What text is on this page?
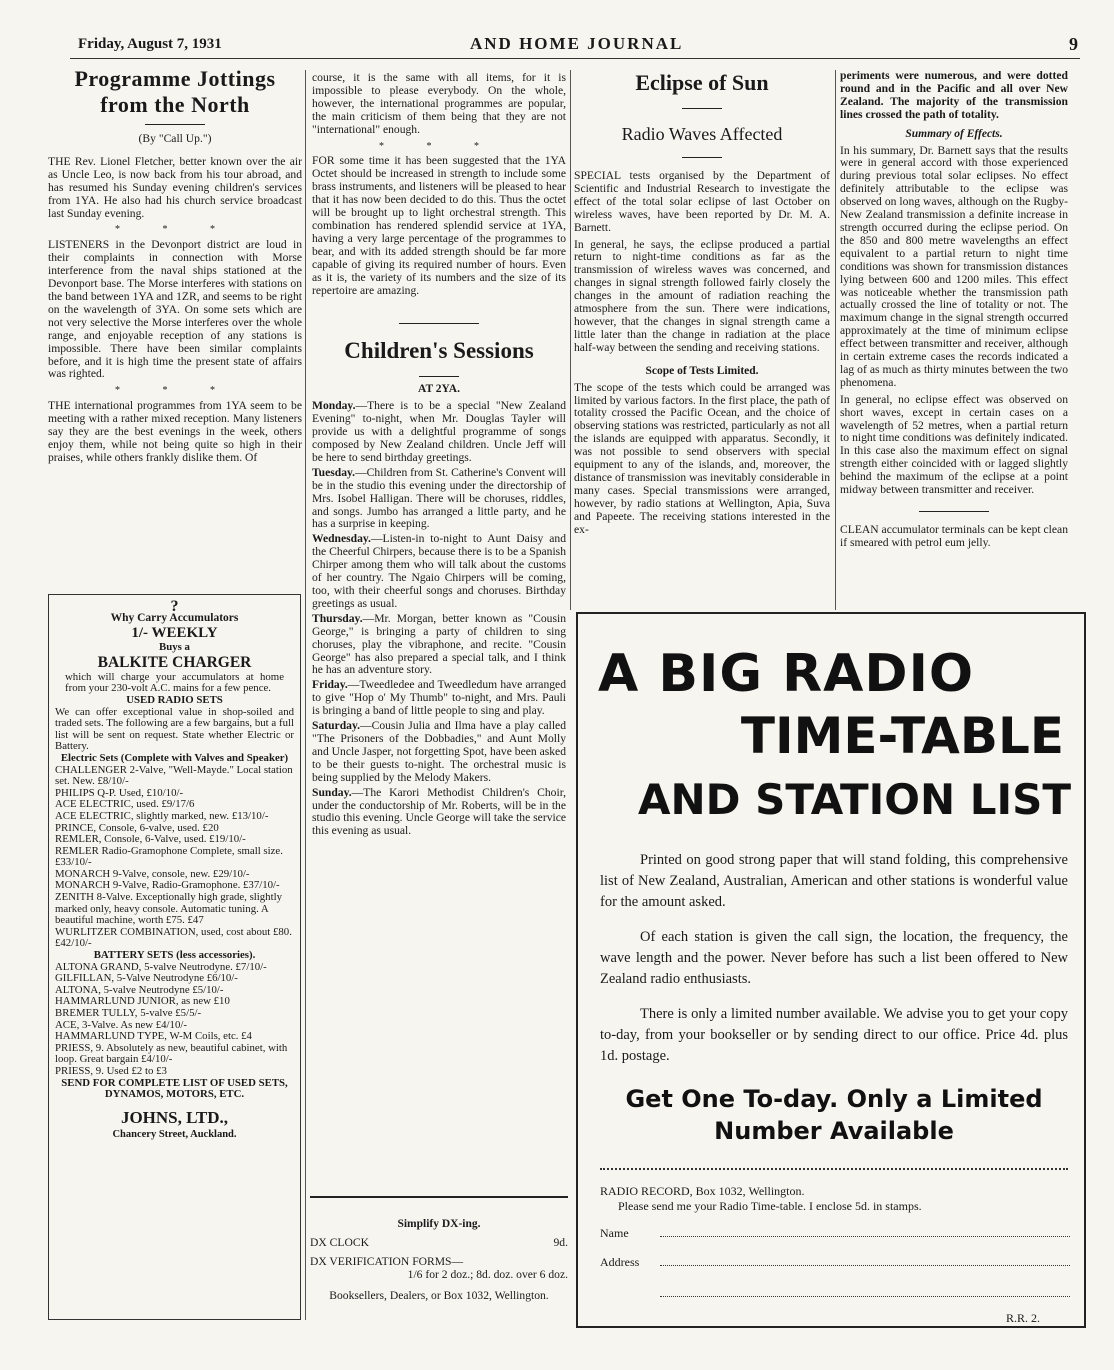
Friday, August 7, 1931	AND HOME JOURNAL	9
Programme Jottings from the North
(By "Call Up.")

THE Rev. Lionel Fletcher, better known over the air as Uncle Leo, is now back from his tour abroad, and has resumed his Sunday evening children's services from 1YA. He also had his church service broadcast last Sunday evening.

* * *

LISTENERS in the Devonport district are loud in their complaints in connection with Morse interference from the naval ships stationed at the Devonport base. The Morse interferes with stations on the band between 1YA and 1ZR, and seems to be right on the wavelength of 3YA. On some sets which are not very selective the Morse interferes over the whole range, and enjoyable reception of any stations is impossible. There have been similar complaints before, and it is high time the present state of affairs was righted.

* * *

THE international programmes from 1YA seem to be meeting with a rather mixed reception. Many listeners say they are the best evenings in the week, others enjoy them, while not being quite so high in their praises, while others frankly dislike them. Of

?
Why Carry Accumulators
1/- WEEKLY
Buys a
BALKITE CHARGER
which will charge your accumulators at home from your 230-volt A.C. mains for a few pence.
USED RADIO SETS
We can offer exceptional value in shop-soiled and traded sets. The following are a few bargains, but a full list will be sent on request. State whether Electric or Battery.
Electric Sets (Complete with Valves and Speaker)
CHALLENGER 2-Valve, "Well-Mayde." Local station set. New. £8/10/-
PHILIPS Q-P. Used, £10/10/-
ACE ELECTRIC, used. £9/17/6
ACE ELECTRIC, slightly marked, new. £13/10/-
PRINCE, Console, 6-valve, used. £20
REMLER, Console, 6-Valve, used. £19/10/-
REMLER Radio-Gramophone Complete, small size. £33/10/-
MONARCH 9-Valve, console, new. £29/10/-
MONARCH 9-Valve, Radio-Gramophone. £37/10/-
ZENITH 8-Valve. Exceptionally high grade, slightly marked only, heavy console. Automatic tuning. A beautiful machine, worth £75. £47
WURLITZER COMBINATION, used, cost about £80. £42/10/-
BATTERY SETS (less accessories).
ALTONA GRAND, 5-valve Neutrodyne. £7/10/-
GILFILLAN, 5-Valve Neutrodyne £6/10/-
ALTONA, 5-valve Neutrodyne £5/10/-
HAMMARLUND JUNIOR, as new £10
BREMER TULLY, 5-valve £5/5/-
ACE, 3-Valve. As new £4/10/-
HAMMARLUND TYPE, W-M Coils, etc. £4
PRIESS, 9. Absolutely as new, beautiful cabinet, with loop. Great bargain £4/10/-
PRIESS, 9. Used £2 to £3
SEND FOR COMPLETE LIST OF USED SETS, DYNAMOS, MOTORS, ETC.
JOHNS, LTD.,
Chancery Street, Auckland.

course, it is the same with all items, for it is impossible to please everybody. On the whole, however, the international programmes are popular, the main criticism of them being that they are not "international" enough.

* * *

FOR some time it has been suggested that the 1YA Octet should be increased in strength to include some brass instruments, and listeners will be pleased to hear that it has now been decided to do this. Thus the octet will be brought up to light orchestral strength. This combination has rendered splendid service at 1YA, having a very large percentage of the programmes to bear, and with its added strength should be far more capable of giving its required number of hours. Even as it is, the variety of its numbers and the size of its repertoire are amazing.

Children's Sessions
AT 2YA.

Monday.—There is to be a special "New Zealand Evening" to-night, when Mr. Douglas Tayler will provide us with a delightful programme of songs composed by New Zealand children. Uncle Jeff will be here to send birthday greetings.

Tuesday.—Children from St. Catherine's Convent will be in the studio this evening under the directorship of Mrs. Isobel Halligan. There will be choruses, riddles, and songs. Jumbo has arranged a little party, and he has a surprise in keeping.

Wednesday.—Listen-in to-night to Aunt Daisy and the Cheerful Chirpers, because there is to be a Spanish Chirper among them who will talk about the customs of her country. The Ngaio Chirpers will be coming, too, with their cheerful songs and choruses. Birthday greetings as usual.

Thursday.—Mr. Morgan, better known as "Cousin George," is bringing a party of children to sing choruses, play the vibraphone, and recite. "Cousin George" has also prepared a special talk, and I think he has an adventure story.

Friday.—Tweedledee and Tweedledum have arranged to give "Hop o' My Thumb" to-night, and Mrs. Pauli is bringing a band of little people to sing and play.

Saturday.—Cousin Julia and Ilma have a play called "The Prisoners of the Dobbadies," and Aunt Molly and Uncle Jasper, not forgetting Spot, have been asked to be their guests to-night. The orchestral music is being supplied by the Melody Makers.

Sunday.—The Karori Methodist Children's Choir, under the conductorship of Mr. Roberts, will be in the studio this evening. Uncle George will take the service this evening as usual.

Simplify DX-ing.
DX CLOCK	9d.
DX VERIFICATION FORMS—
1/6 for 2 doz.; 8d. doz. over 6 doz.
Booksellers, Dealers, or Box 1032, Wellington.
Eclipse of Sun
Radio Waves Affected

SPECIAL tests organised by the Department of Scientific and Industrial Research to investigate the effect of the total solar eclipse of last October on wireless waves, have been reported by Dr. M. A. Barnett.

In general, he says, the eclipse produced a partial return to night-time conditions as far as the transmission of wireless waves was concerned, and changes in signal strength followed fairly closely the changes in the amount of radiation reaching the atmosphere from the sun. There were indications, however, that the changes in signal strength came a little later than the change in radiation at the place half-way between the sending and receiving stations.

Scope of Tests Limited.

The scope of the tests which could be arranged was limited by various factors. In the first place, the path of totality crossed the Pacific Ocean, and the choice of observing stations was restricted, particularly as not all the islands are equipped with apparatus. Secondly, it was not possible to send observers with special equipment to any of the islands, and, moreover, the distance of transmission was inevitably considerable in many cases. Special transmissions were arranged, however, by radio stations at Wellington, Apia, Suva and Papeete. The receiving stations interested in the ex-

periments were numerous, and were dotted round and in the Pacific and all over New Zealand. The majority of the transmission lines crossed the path of totality.

Summary of Effects.

In his summary, Dr. Barnett says that the results were in general accord with those experienced during previous total solar eclipses. No effect definitely attributable to the eclipse was observed on long waves, although on the Rugby-New Zealand transmission a definite increase in strength occurred during the eclipse period. On the 850 and 800 metre wavelengths an effect equivalent to a partial return to night time conditions was shown for transmission distances lying between 600 and 1200 miles. This effect was noticeable whether the transmission path actually crossed the line of totality or not. The maximum change in the signal strength occurred approximately at the time of minimum eclipse effect between transmitter and receiver, although in certain extreme cases the records indicated a lag of as much as thirty minutes between the two phenomena.

In general, no eclipse effect was observed on short waves, except in certain cases on a wavelength of 52 metres, when a partial return to night time conditions was definitely indicated. In this case also the maximum effect on signal strength either coincided with or lagged slightly behind the maximum of the eclipse at a point midway between transmitter and receiver.

CLEAN accumulator terminals can be kept clean if smeared with petrol eum jelly.

A BIG RADIO
TIME-TABLE
AND STATION LIST

Printed on good strong paper that will stand folding, this comprehensive list of New Zealand, Australian, American and other stations is wonderful value for the amount asked.

Of each station is given the call sign, the location, the frequency, the wave length and the power. Never before has such a list been offered to New Zealand radio enthusiasts.

There is only a limited number available. We advise you to get your copy to-day, from your bookseller or by sending direct to our office. Price 4d. plus 1d. postage.

Get One To-day. Only a Limited
Number Available
RADIO RECORD, Box 1032, Wellington.
Please send me your Radio Time-table. I enclose 5d. in stamps.
Name
Address
R.R. 2.
